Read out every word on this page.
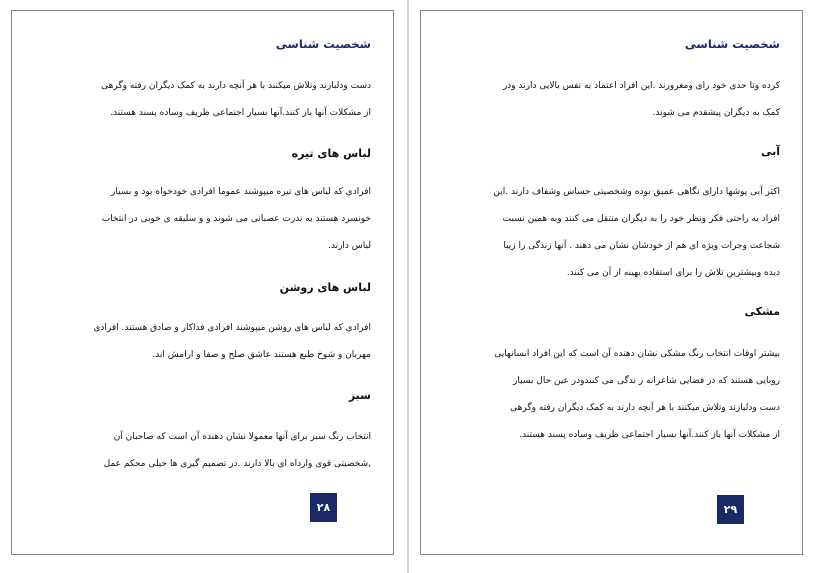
شخصیت شناسی
دست ودلبازند وتلاش میکنند با هر آنچه دارند به کمک دیگران رفته وگرهی
از مشکلات آنها باز کنند.آنها بسیار اجتماعی ظریف وساده پسند هستند.
لباس های تیره
افرادی که لباس های تیره میپوشند عموما افرادی خودخواه بود و بسیار
خونسرد هستند به ندرت عصبانی می شوند و و سلیقه ی خوبی در انتخاب
لباس دارند.
لباس های روشن
افرادی که لباس های روشن میپوشند افرادی فداکار و صادق هستند. افرادی
مهربان و شوخ طبع هستند عاشق صلح و صفا و ارامش اند.
سبز
انتخاب رنگ سبز برای آنها معمولا نشان دهنده آن است که صاحبان آن
,شخصیتی قوی وارداه ای بالا دارند .در تصمیم گیری ها خیلی محکم عمل
۲۸
شخصیت شناسی
کرده وتا حدی خود رای ومغرورند .این افراد اعتماد به نفس بالایی دارند ودر
کمک به دیگران پیشقدم می شوند.
آبی
اکثر آبی پوشها دارای نگاهی عمیق بوده وشخصیتی حساس وشفاف دارند .این
افراد به راحتی فکر ونظر خود را به دیگران منتقل می کنند وبه همین نسبت
شجاعت وجرات ویژه ای هم از خودشان نشان می دهند . آنها زندگی را زیبا
دیده وبیشترین تلاش را برای استفاده بهینه از آن می کنند.
مشکی
بیشتر اوقات انتخاب رنگ مشکی نشان دهنده آن است که این افراد انسانهایی
روبایی هستند که در فضایی شاعرانه ز ندگی می کنندودر عین حال بسیار
دست ودلبازند وتلاش میکنند با هر آنچه دارند به کمک دیگران رفته وگرهی
از مشکلات آنها باز کنند.آنها بسیار اجتماعی ظریف وساده پسند هستند.
۲۹
